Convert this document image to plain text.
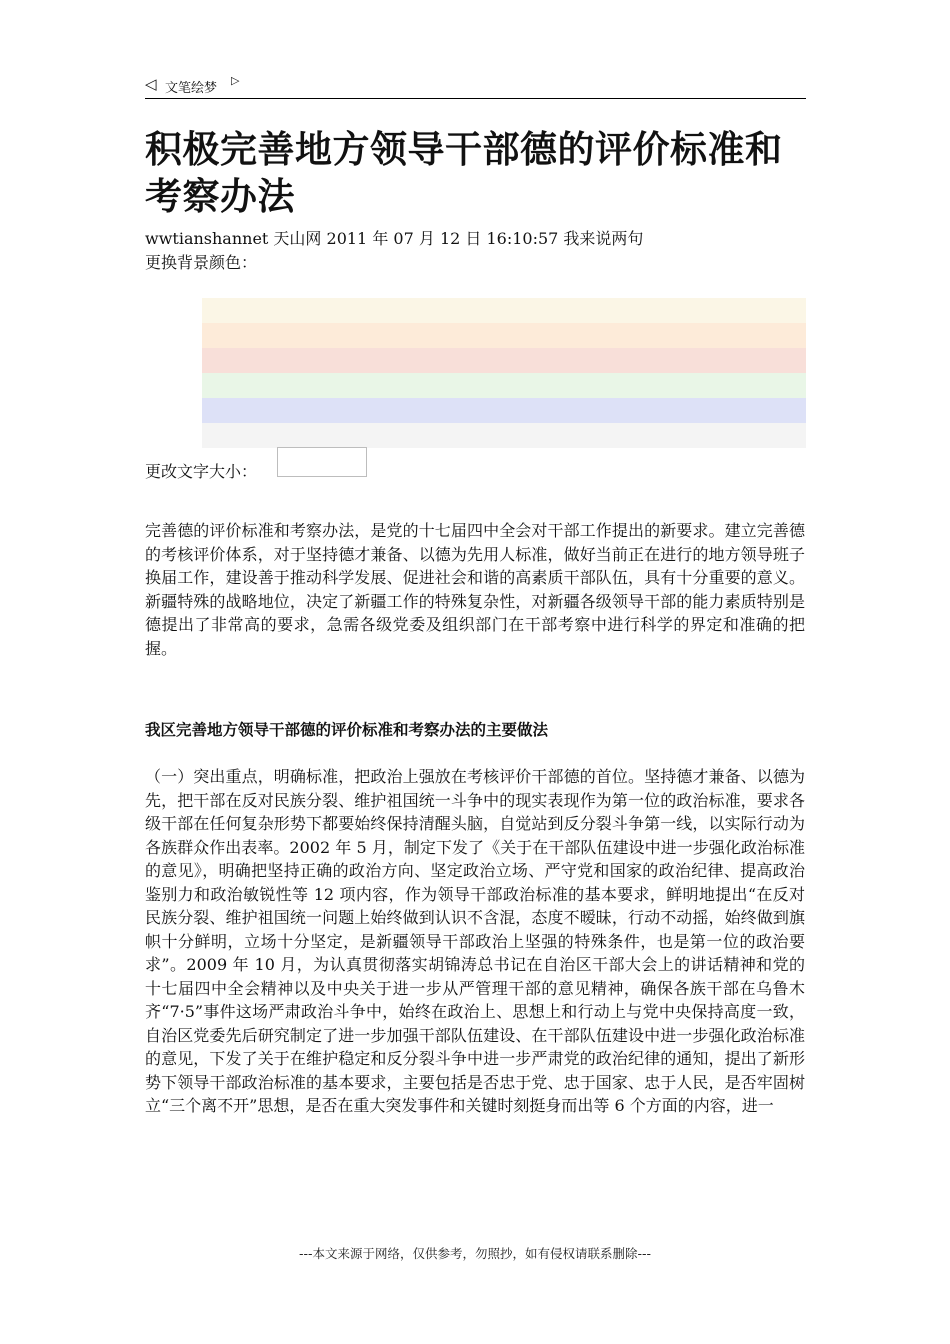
◁ 文笔绘梦
▷
积极完善地方领导干部德的评价标准和考察办法
wwtianshannet 天山网 2011 年 07 月 12 日 16:10:57 我来说两句
更换背景颜色：
更改文字大小：

完善德的评价标准和考察办法，是党的十七届四中全会对干部工作提出的新要求。建立完善德的考核评价体系，对于坚持德才兼备、以德为先用人标准，做好当前正在进行的地方领导班子换届工作，建设善于推动科学发展、促进社会和谐的高素质干部队伍，具有十分重要的意义。新疆特殊的战略地位，决定了新疆工作的特殊复杂性，对新疆各级领导干部的能力素质特别是德提出了非常高的要求，急需各级党委及组织部门在干部考察中进行科学的界定和准确的把握。

我区完善地方领导干部德的评价标准和考察办法的主要做法

（一）突出重点，明确标准，把政治上强放在考核评价干部德的首位。坚持德才兼备、以德为先，把干部在反对民族分裂、维护祖国统一斗争中的现实表现作为第一位的政治标准，要求各级干部在任何复杂形势下都要始终保持清醒头脑，自觉站到反分裂斗争第一线，以实际行动为各族群众作出表率。2002 年 5 月，制定下发了《关于在干部队伍建设中进一步强化政治标准的意见》，明确把坚持正确的政治方向、坚定政治立场、严守党和国家的政治纪律、提高政治鉴别力和政治敏锐性等 12 项内容，作为领导干部政治标准的基本要求，鲜明地提出“在反对民族分裂、维护祖国统一问题上始终做到认识不含混，态度不暧昧，行动不动摇，始终做到旗帜十分鲜明，立场十分坚定，是新疆领导干部政治上坚强的特殊条件，也是第一位的政治要求”。2009 年 10 月，为认真贯彻落实胡锦涛总书记在自治区干部大会上的讲话精神和党的十七届四中全会精神以及中央关于进一步从严管理干部的意见精神，确保各族干部在乌鲁木齐“7·5”事件这场严肃政治斗争中，始终在政治上、思想上和行动上与党中央保持高度一致，自治区党委先后研究制定了进一步加强干部队伍建设、在干部队伍建设中进一步强化政治标准的意见，下发了关于在维护稳定和反分裂斗争中进一步严肃党的政治纪律的通知，提出了新形势下领导干部政治标准的基本要求，主要包括是否忠于党、忠于国家、忠于人民，是否牢固树立“三个离不开”思想，是否在重大突发事件和关键时刻挺身而出等 6 个方面的内容，进一

---本文来源于网络，仅供参考，勿照抄，如有侵权请联系删除---
